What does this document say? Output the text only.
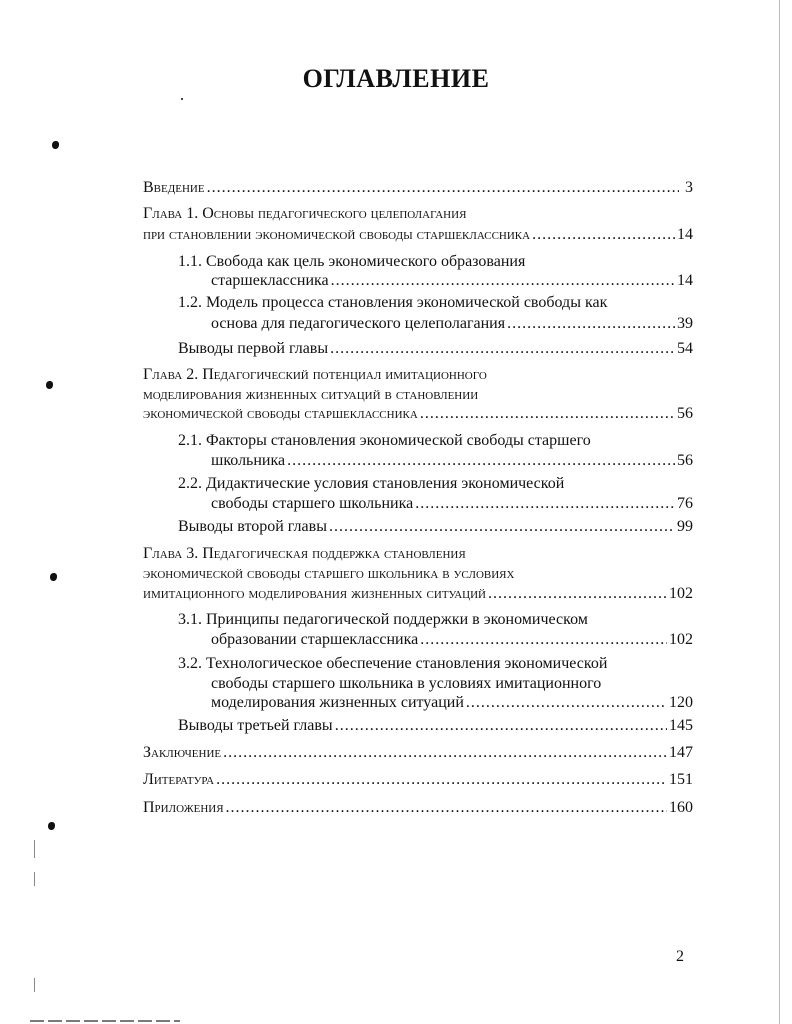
ОГЛАВЛЕНИЕ
Введение .....	3
Глава 1. Основы педагогического целеполагания
при становлении экономической свободы старшеклассника .....	14
1.1. Свобода как цель экономического образования
старшеклассника .....	14
1.2. Модель процесса становления экономической свободы как
основа для педагогического целеполагания .....	39
Выводы первой главы .....	54
Глава 2. Педагогический потенциал имитационного
моделирования жизненных ситуаций в становлении
экономической свободы старшеклассника .....	56
2.1. Факторы становления экономической свободы старшего
школьника .....	56
2.2. Дидактические условия становления экономической
свободы старшего школьника .....	76
Выводы второй главы .....	99
Глава 3. Педагогическая поддержка становления
экономической свободы старшего школьника в условиях
имитационного моделирования жизненных ситуаций .....	102
3.1. Принципы педагогической поддержки в экономическом
образовании старшеклассника .....	102
3.2. Технологическое обеспечение становления экономической
свободы старшего школьника в условиях имитационного
моделирования жизненных ситуаций .....	120
Выводы третьей главы .....	145
Заключение .....	147
Литература .....	151
Приложения .....	160
2
